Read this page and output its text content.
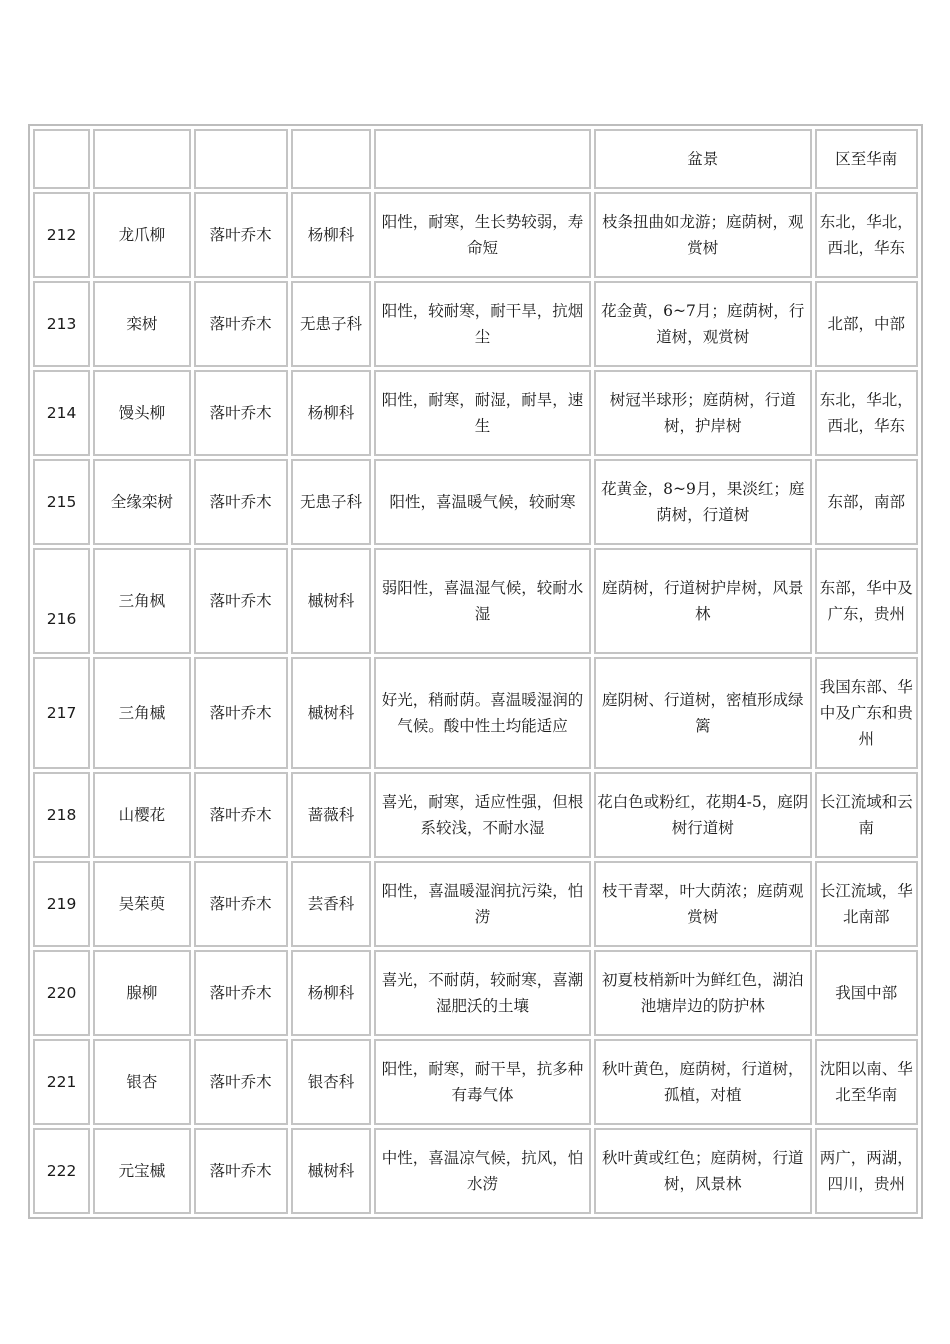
					盆景	区至华南
212	龙爪柳	落叶乔木	杨柳科	阳性，耐寒，生长势较弱，寿命短	枝条扭曲如龙游；庭荫树，观赏树	东北，华北，西北，华东
213	栾树	落叶乔木	无患子科	阳性，较耐寒，耐干旱，抗烟尘	花金黄，6~7月；庭荫树，行道树，观赏树	北部，中部
214	馒头柳	落叶乔木	杨柳科	阳性，耐寒，耐湿，耐旱，速生	树冠半球形；庭荫树，行道树，护岸树	东北，华北，西北，华东
215	全缘栾树	落叶乔木	无患子科	阳性，喜温暖气候，较耐寒	花黄金，8~9月，果淡红；庭荫树，行道树	东部，南部
216	三角枫	落叶乔木	槭树科	弱阳性，喜温湿气候，较耐水湿	庭荫树，行道树护岸树，风景林	东部，华中及广东，贵州
217	三角槭	落叶乔木	槭树科	好光，稍耐荫。喜温暖湿润的气候。酸中性土均能适应	庭阴树、行道树，密植形成绿篱	我国东部、华中及广东和贵州
218	山樱花	落叶乔木	蔷薇科	喜光，耐寒，适应性强，但根系较浅，不耐水湿	花白色或粉红，花期4-5，庭阴树行道树	长江流域和云南
219	吴茱萸	落叶乔木	芸香科	阳性，喜温暖湿润抗污染，怕涝	枝干青翠，叶大荫浓；庭荫观赏树	长江流域，华北南部
220	腺柳	落叶乔木	杨柳科	喜光，不耐荫，较耐寒，喜潮湿肥沃的土壤	初夏枝梢新叶为鲜红色，湖泊池塘岸边的防护林	我国中部
221	银杏	落叶乔木	银杏科	阳性，耐寒，耐干旱，抗多种有毒气体	秋叶黄色，庭荫树，行道树，孤植，对植	沈阳以南、华北至华南
222	元宝槭	落叶乔木	槭树科	中性，喜温凉气候，抗风，怕水涝	秋叶黄或红色；庭荫树，行道树，风景林	两广，两湖，四川，贵州
